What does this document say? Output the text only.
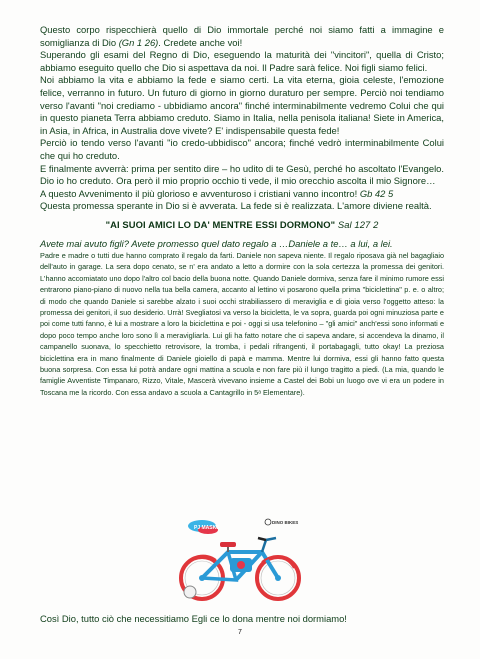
Questo corpo rispecchierà quello di Dio immortale perché noi siamo fatti a immagine e somiglianza di Dio (Gn 1 26). Credete anche voi!

Superando gli esami del Regno di Dio, eseguendo la maturità dei "vincitori", quella di Cristo; abbiamo eseguito quello che Dio si aspettava da noi. Il Padre sarà felice. Noi figli siamo felici.

Noi abbiamo la vita e abbiamo la fede e siamo certi. La vita eterna, gioia celeste, l'emozione felice, verranno in futuro. Un futuro di giorno in giorno duraturo per sempre. Perciò noi tendiamo verso l'avanti "noi crediamo - ubbidiamo ancora" finché interminabilmente vedremo Colui che qui in questo pianeta Terra abbiamo creduto. Siamo in Italia, nella penisola italiana! Siete in America, in Asia, in Africa, in Australia dove vivete? E' indispensabile questa fede!

Perciò io tendo verso l'avanti "io credo-ubbidisco" ancora; finché vedrò interminabilmente Colui che qui ho creduto.

E finalmente avverrà: prima per sentito dire – ho udito di te Gesù, perché ho ascoltato l'Evangelo. Dio io ho creduto. Ora però il mio proprio occhio ti vede, il mio orecchio ascolta il mio Signore…

A questo Avvenimento il più glorioso e avventuroso i cristiani vanno incontro! Gb 42 5

Questa promessa sperante in Dio si è avverata. La fede si è realizzata. L'amore diviene realtà.

"AI SUOI AMICI LO DA' MENTRE ESSI DORMONO" Sal 127 2

Avete mai avuto figli? Avete promesso quel dato regalo a …Daniele a te… a lui, a lei.

Padre e madre o tutti due hanno comprato il regalo da farti. Daniele non sapeva niente. Il regalo riposava già nel bagagliaio dell'auto in garage. La sera dopo cenato, se n' era andato a letto a dormire con la sola certezza la promessa dei genitori. L'hanno accomiatato uno dopo l'altro col bacio della buona notte. Quando Daniele dormiva, senza fare il minimo rumore essi entrarono piano-piano di nuovo nella tua bella camera, accanto al lettino vi posarono quella prima "biciclettina" p. e. o altro; di modo che quando Daniele si sarebbe alzato i suoi occhi strabiliassero di meraviglia e di gioia verso l'oggetto atteso: la promessa dei genitori, il suo desiderio. Urrà! Svegliatosi va verso la bicicletta, le va sopra, guarda poi ogni minuziosa parte e poi come tutti fanno, è lui a mostrare a loro la biciclettina e poi - oggi si usa telefonino – "gli amici" anch'essi sono informati e dopo poco tempo anche loro sono lì a meravigliarla. Lui gli ha fatto notare che ci sapeva andare, si accendeva la dinamo, il campanello suonava, lo specchietto retrovisore, la tromba, i pedali rifrangenti, il portabagagli, tutto okay! La preziosa biciclettina era in mano finalmente di Daniele gioiello di papà e mamma. Mentre lui dormiva, essi gli hanno fatto questa buona sorpresa. Con essa lui potrà andare ogni mattina a scuola e non fare più il lungo tragitto a piedi. (La mia, quando le famiglie Avventiste Timpanaro, Rizzo, Vitale, Mascerà vivevano insieme a Castel dei Bobi un luogo ove vi era un podere in Toscana me la ricordo. Con essa andavo a scuola a Cantagrillo in 5ᵃ Elementare).

PJ MASKS
DINO BIKES

Così Dio, tutto ciò che necessitiamo Egli ce lo dona mentre noi dormiamo!

7
